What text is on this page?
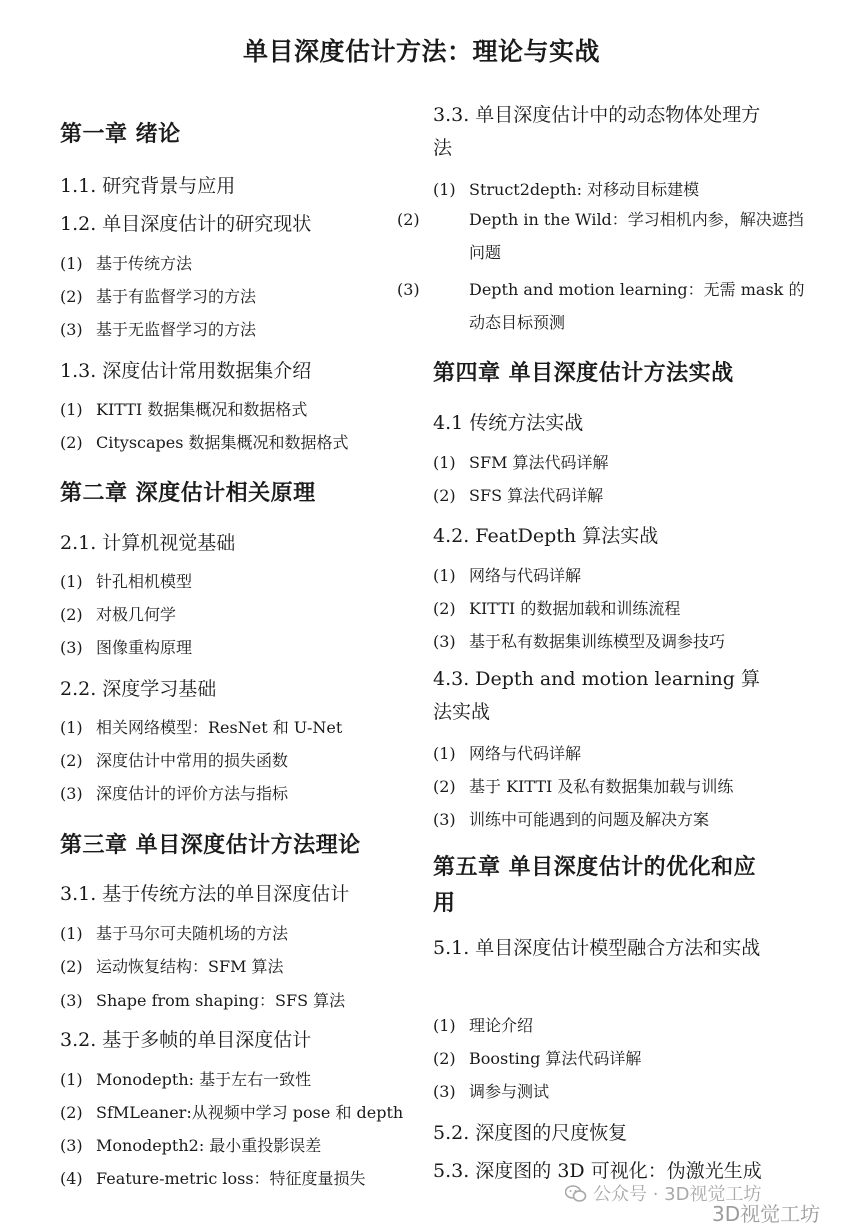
单目深度估计方法：理论与实战
第一章 绪论
1.1. 研究背景与应用
1.2. 单目深度估计的研究现状
(1) 基于传统方法
(2) 基于有监督学习的方法
(3) 基于无监督学习的方法
1.3. 深度估计常用数据集介绍
(1) KITTI 数据集概况和数据格式
(2) Cityscapes 数据集概况和数据格式
第二章 深度估计相关原理
2.1. 计算机视觉基础
(1) 针孔相机模型
(2) 对极几何学
(3) 图像重构原理
2.2. 深度学习基础
(1) 相关网络模型：ResNet 和 U-Net
(2) 深度估计中常用的损失函数
(3) 深度估计的评价方法与指标
第三章 单目深度估计方法理论
3.1. 基于传统方法的单目深度估计
(1) 基于马尔可夫随机场的方法
(2) 运动恢复结构：SFM 算法
(3) Shape from shaping：SFS 算法
3.2. 基于多帧的单目深度估计
(1) Monodepth: 基于左右一致性
(2) SfMLeaner:从视频中学习 pose 和 depth
(3) Monodepth2: 最小重投影误差
(4) Feature-metric loss：特征度量损失
3.3. 单目深度估计中的动态物体处理方法
(1) Struct2depth: 对移动目标建模
(2)	Depth in the Wild：学习相机内参，解决遮挡问题
(3)	Depth and motion learning：无需 mask 的动态目标预测
第四章 单目深度估计方法实战
4.1 传统方法实战
(1) SFM 算法代码详解
(2) SFS 算法代码详解
4.2. FeatDepth 算法实战
(1) 网络与代码详解
(2) KITTI 的数据加载和训练流程
(3) 基于私有数据集训练模型及调参技巧
4.3. Depth and motion learning 算法实战
(1) 网络与代码详解
(2) 基于 KITTI 及私有数据集加载与训练
(3) 训练中可能遇到的问题及解决方案
第五章 单目深度估计的优化和应用
5.1. 单目深度估计模型融合方法和实战
(1) 理论介绍
(2) Boosting 算法代码详解
(3) 调参与测试
5.2. 深度图的尺度恢复
5.3. 深度图的 3D 可视化：伪激光生成
公众号 · 3D视觉工坊
3D视觉工坊
